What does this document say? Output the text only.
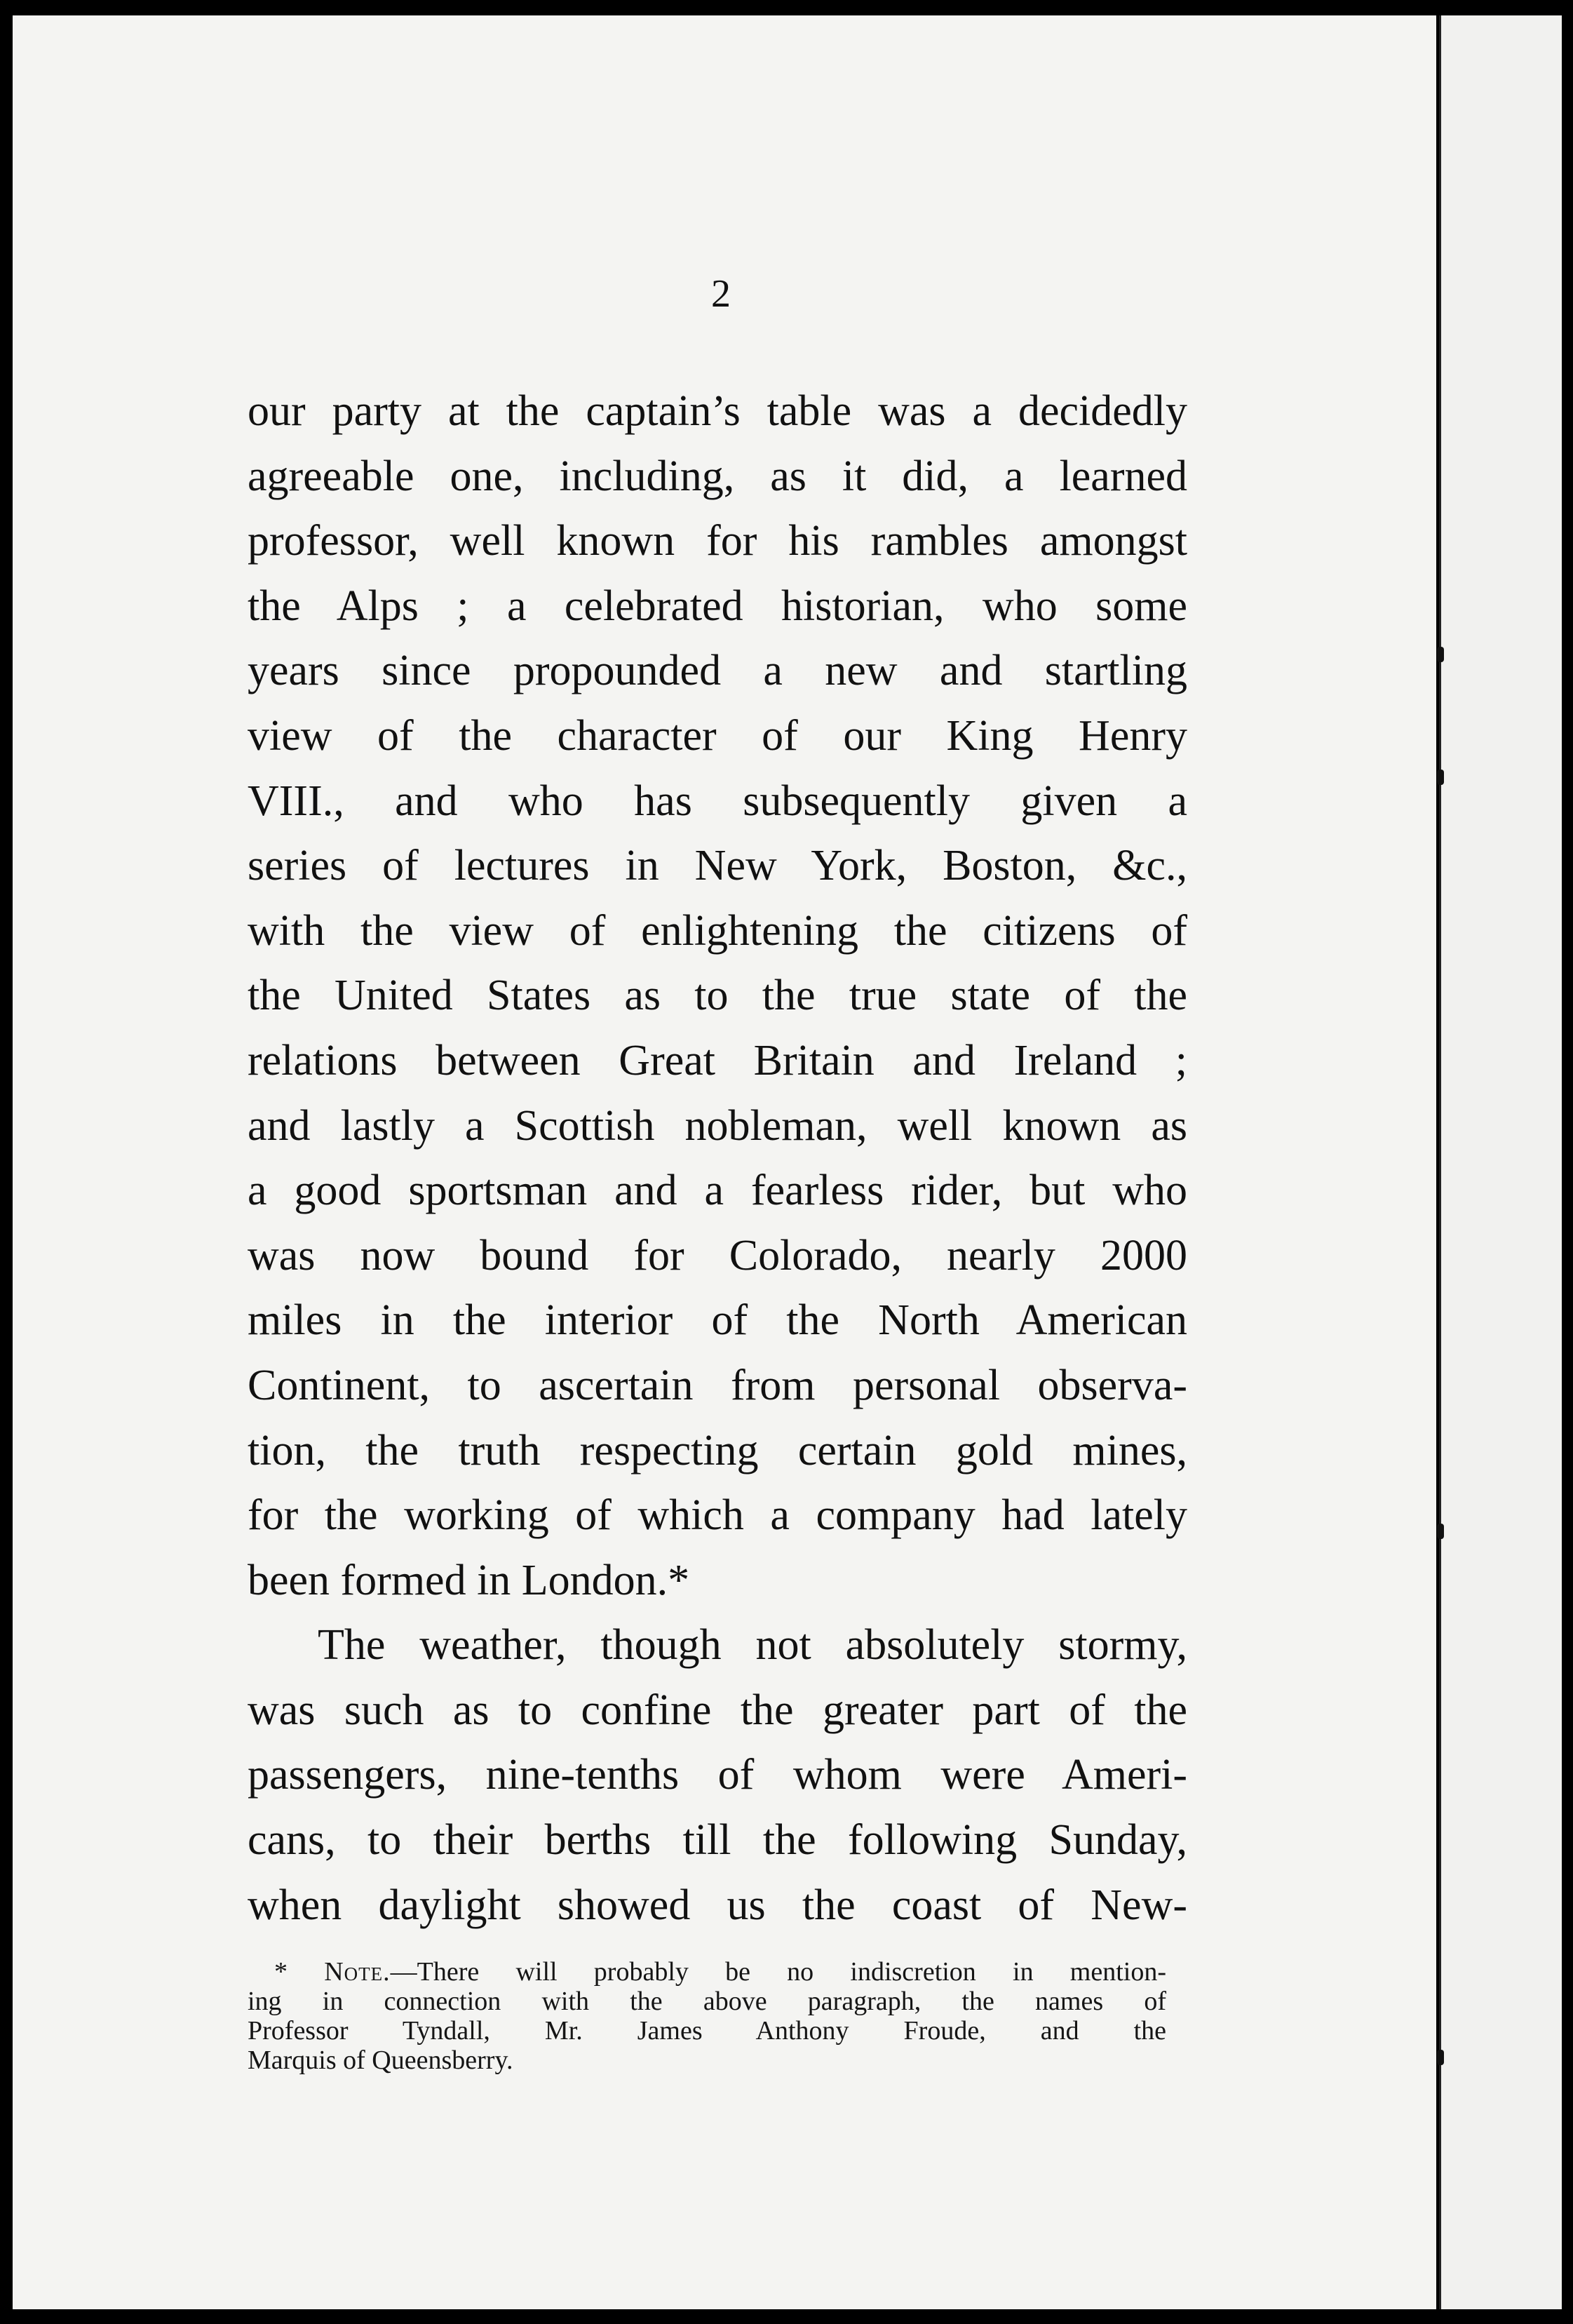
2
our party at the captain’s table was a decidedly
agreeable one, including, as it did, a learned
professor, well known for his rambles amongst
the Alps ; a celebrated historian, who some
years since propounded a new and startling
view of the character of our King Henry
VIII., and who has subsequently given a
series of lectures in New York, Boston, &c.,
with the view of enlightening the citizens of
the United States as to the true state of the
relations between Great Britain and Ireland ;
and lastly a Scottish nobleman, well known as
a good sportsman and a fearless rider, but who
was now bound for Colorado, nearly 2000
miles in the interior of the North American
Continent, to ascertain from personal observa-
tion, the truth respecting certain gold mines,
for the working of which a company had lately
been formed in London.*
The weather, though not absolutely stormy,
was such as to confine the greater part of the
passengers, nine-tenths of whom were Ameri-
cans, to their berths till the following Sunday,
when daylight showed us the coast of New-
* Note.—There will probably be no indiscretion in mention-
ing in connection with the above paragraph, the names of
Professor Tyndall, Mr. James Anthony Froude, and the
Marquis of Queensberry.
